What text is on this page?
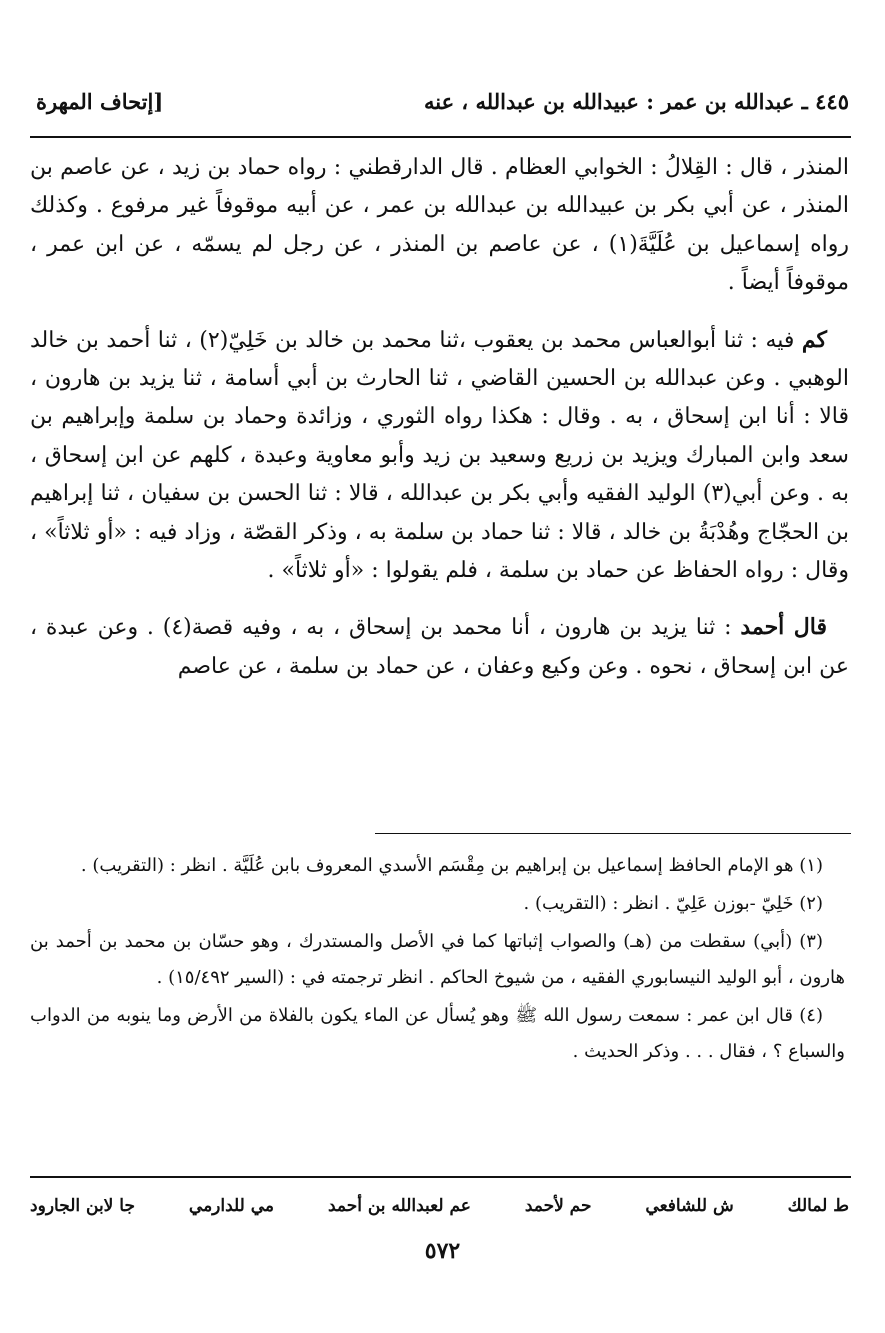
٤٤٥ ـ عبدالله بن عمر : عبيدالله بن عبدالله ، عنه
[إتحاف المهرة

المنذر ، قال : القِلالُ : الخوابي العظام . قال الدارقطني : رواه حماد بن زيد ، عن عاصم بن المنذر ، عن أبي بكر بن عبيدالله بن عبدالله بن عمر ، عن أبيه موقوفاً غير مرفوع . وكذلك رواه إسماعيل بن عُلَيَّةَ(١) ، عن عاصم بن المنذر ، عن رجل لم يسمّه ، عن ابن عمر ، موقوفاً أيضاً .

كم فيه : ثنا أبوالعباس محمد بن يعقوب ،ثنا محمد بن خالد بن خَلِيّ(٢) ، ثنا أحمد بن خالد الوهبي . وعن عبدالله بن الحسين القاضي ، ثنا الحارث بن أبي أسامة ، ثنا يزيد بن هارون ، قالا : أنا ابن إسحاق ، به . وقال : هكذا رواه الثوري ، وزائدة وحماد بن سلمة وإبراهيم بن سعد وابن المبارك ويزيد بن زريع وسعيد بن زيد وأبو معاوية وعبدة ، كلهم عن ابن إسحاق ، به . وعن أبي(٣) الوليد الفقيه وأبي بكر بن عبدالله ، قالا : ثنا الحسن بن سفيان ، ثنا إبراهيم بن الحجّاج وهُدْبَةُ بن خالد ، قالا : ثنا حماد بن سلمة به ، وذكر القصّة ، وزاد فيه : «أو ثلاثاً» ، وقال : رواه الحفاظ عن حماد بن سلمة ، فلم يقولوا : «أو ثلاثاً» .

قال أحمد : ثنا يزيد بن هارون ، أنا محمد بن إسحاق ، به ، وفيه قصة(٤) . وعن عبدة ، عن ابن إسحاق ، نحوه . وعن وكيع وعفان ، عن حماد بن سلمة ، عن عاصم

(١) هو الإمام الحافظ إسماعيل بن إبراهيم بن مِقْسَم الأسدي المعروف بابن عُلَيَّة . انظر : (التقريب) .

(٢) خَلِيّ -بوزن عَلِيّ . انظر : (التقريب) .

(٣) (أبي) سقطت من (هـ) والصواب إثباتها كما في الأصل والمستدرك ، وهو حسّان بن محمد بن أحمد بن هارون ، أبو الوليد النيسابوري الفقيه ، من شيوخ الحاكم . انظر ترجمته في : (السير ١٥/٤٩٢) .

(٤) قال ابن عمر : سمعت رسول الله ﷺ وهو يُسأل عن الماء يكون بالفلاة من الأرض وما ينوبه من الدواب والسباع ؟ ، فقال . . . وذكر الحديث .

ط لمالك
ش للشافعي
حم لأحمد
عم لعبدالله بن أحمد
مي للدارمي
جا لابن الجارود
٥٧٢
